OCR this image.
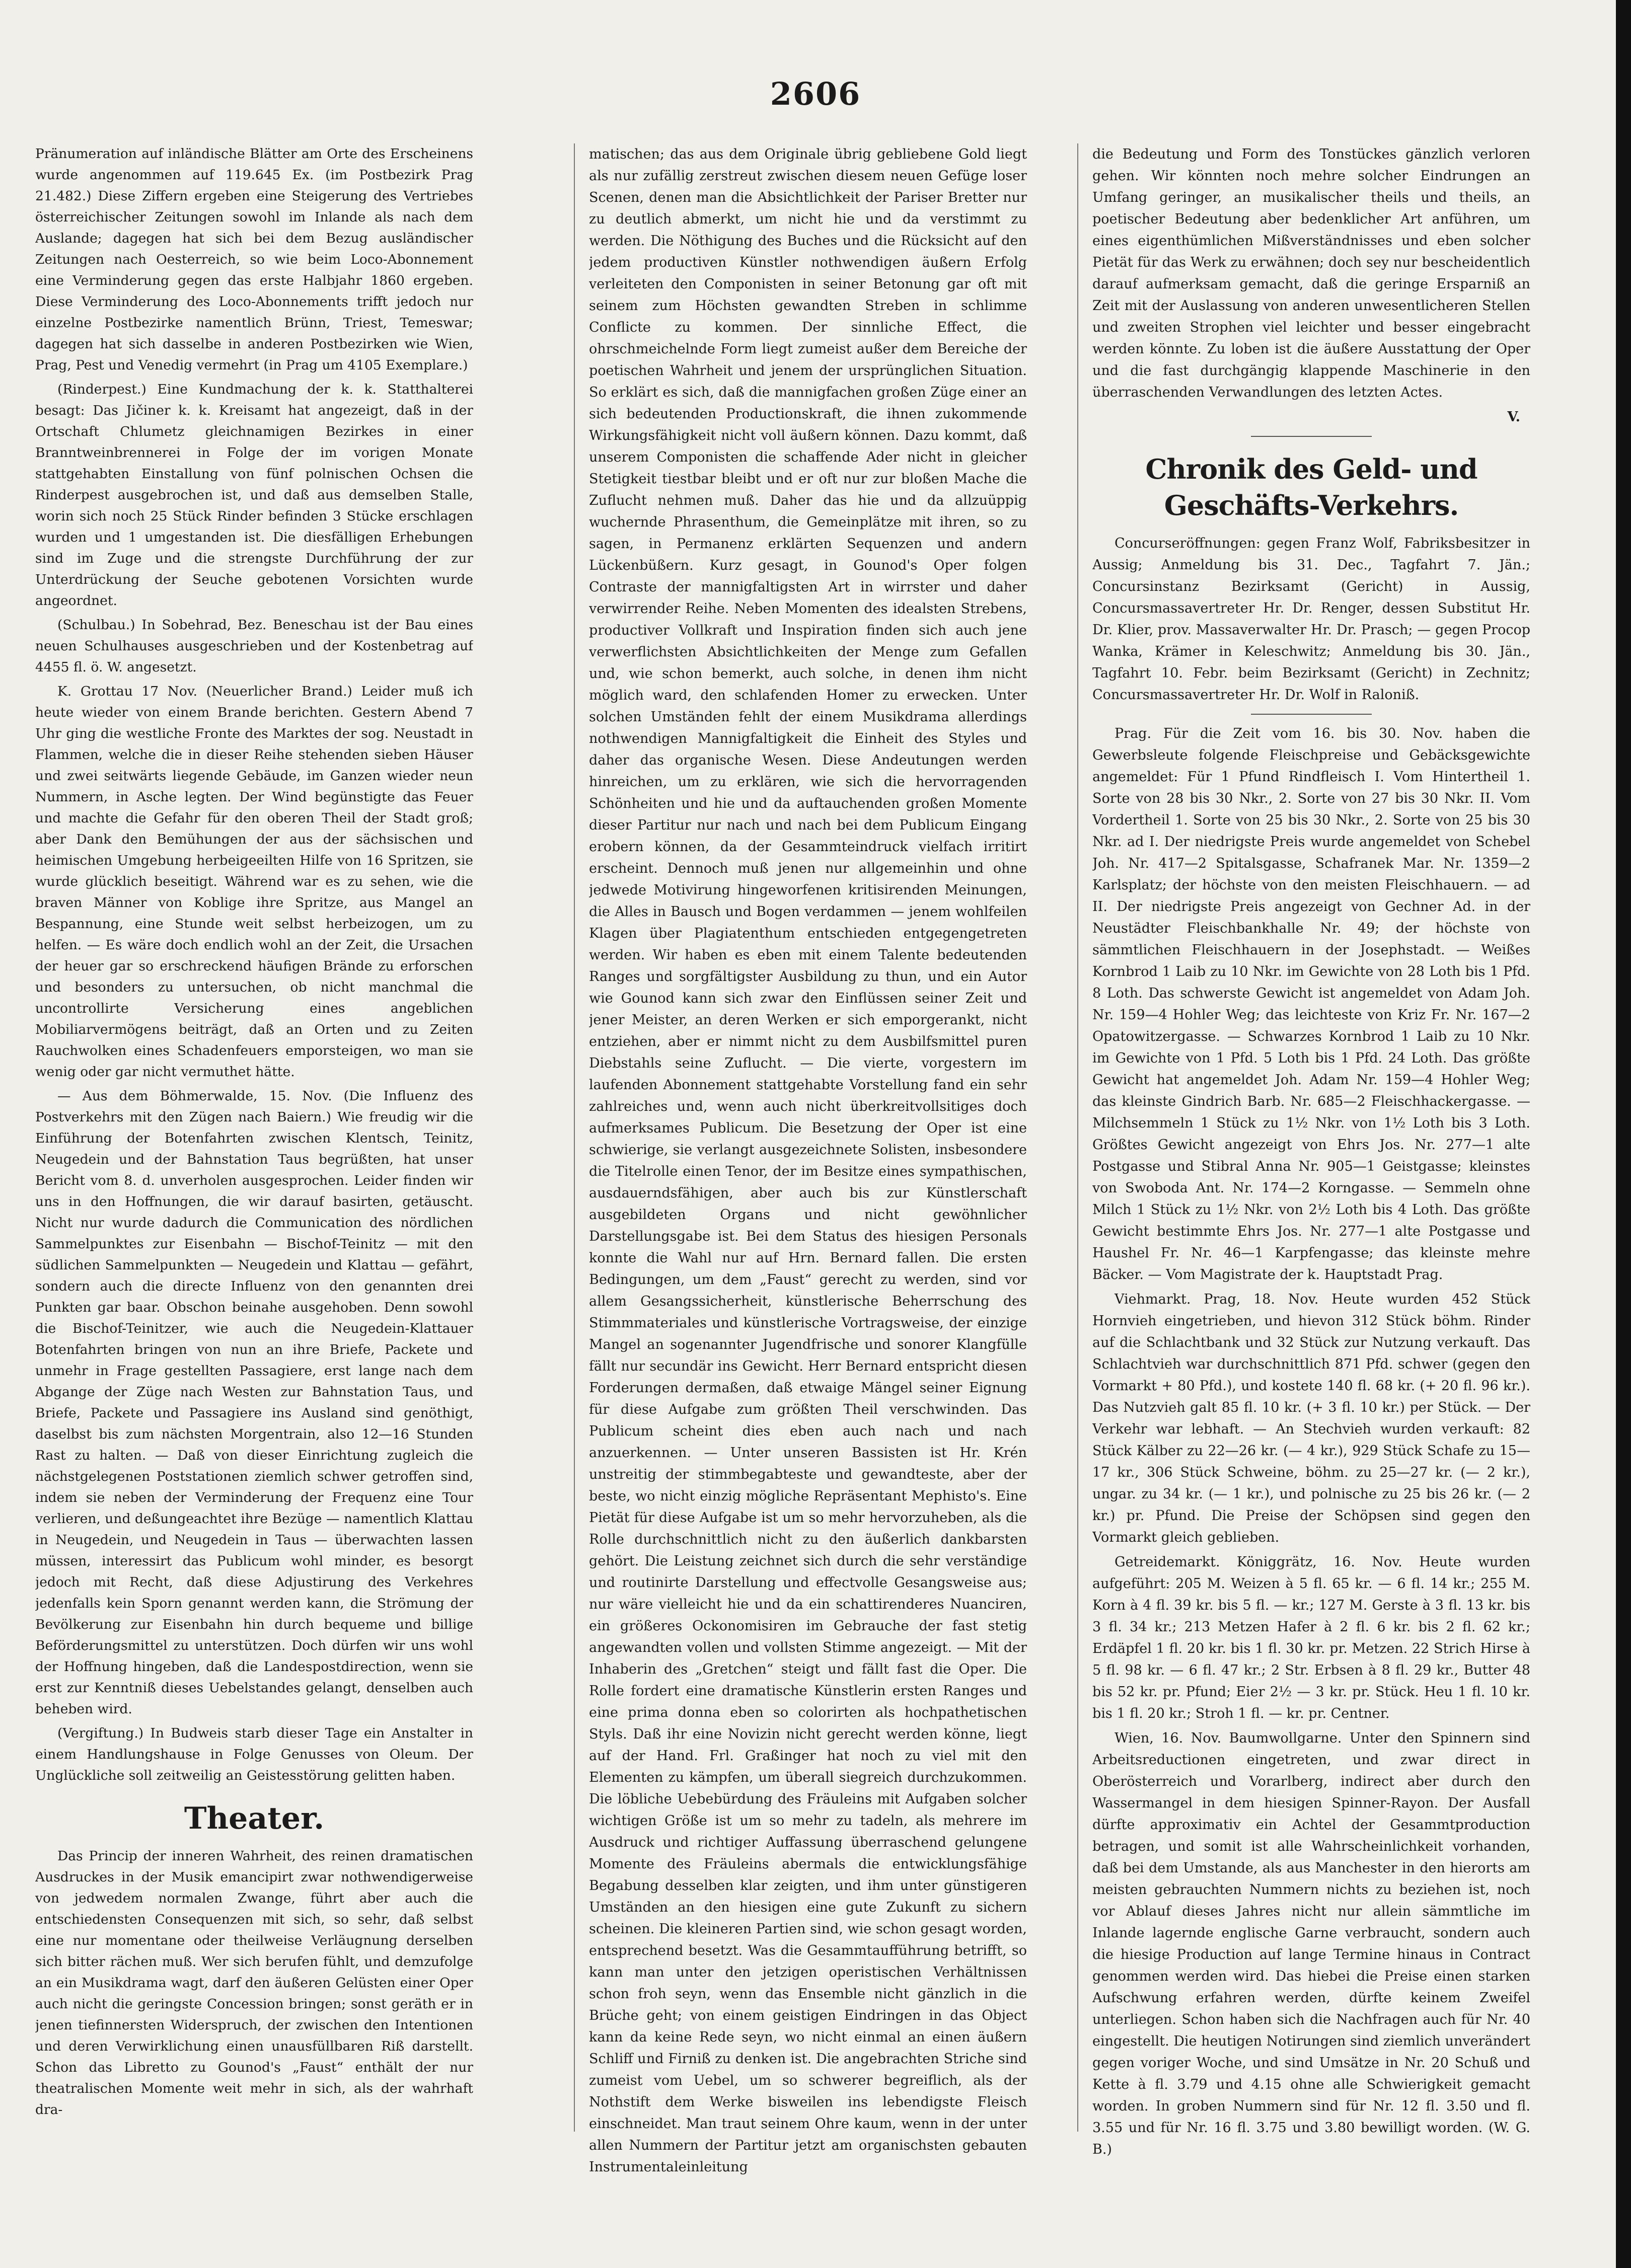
2606

Pränumeration auf inländische Blätter am Orte des Erscheinens wurde angenommen auf 119.645 Ex. (im Postbezirk Prag 21.482.) Diese Ziffern ergeben eine Steigerung des Vertriebes österreichischer Zeitungen sowohl im Inlande als nach dem Auslande; dagegen hat sich bei dem Bezug ausländischer Zeitungen nach Oesterreich, so wie beim Loco-Abonnement eine Verminderung gegen das erste Halbjahr 1860 ergeben. Diese Verminderung des Loco-Abonnements trifft jedoch nur einzelne Postbezirke namentlich Brünn, Triest, Temeswar; dagegen hat sich dasselbe in anderen Postbezirken wie Wien, Prag, Pest und Venedig vermehrt (in Prag um 4105 Exemplare.)

(Rinderpest.) Eine Kundmachung der k. k. Statthalterei besagt: Das Jičiner k. k. Kreisamt hat angezeigt, daß in der Ortschaft Chlumetz gleichnamigen Bezirkes in einer Branntweinbrennerei in Folge der im vorigen Monate stattgehabten Einstallung von fünf polnischen Ochsen die Rinderpest ausgebrochen ist, und daß aus demselben Stalle, worin sich noch 25 Stück Rinder befinden 3 Stücke erschlagen wurden und 1 umgestanden ist. Die diesfälligen Erhebungen sind im Zuge und die strengste Durchführung der zur Unterdrückung der Seuche gebotenen Vorsichten wurde angeordnet.

(Schulbau.) In Sobehrad, Bez. Beneschau ist der Bau eines neuen Schulhauses ausgeschrieben und der Kostenbetrag auf 4455 fl. ö. W. angesetzt.

K. Grottau 17 Nov. (Neuerlicher Brand.) Leider muß ich heute wieder von einem Brande berichten. Gestern Abend 7 Uhr ging die westliche Fronte des Marktes der sog. Neustadt in Flammen, welche die in dieser Reihe stehenden sieben Häuser und zwei seitwärts liegende Gebäude, im Ganzen wieder neun Nummern, in Asche legten. Der Wind begünstigte das Feuer und machte die Gefahr für den oberen Theil der Stadt groß; aber Dank den Bemühungen der aus der sächsischen und heimischen Umgebung herbeigeeilten Hilfe von 16 Spritzen, sie wurde glücklich beseitigt. Während war es zu sehen, wie die braven Männer von Koblige ihre Spritze, aus Mangel an Bespannung, eine Stunde weit selbst herbeizogen, um zu helfen. — Es wäre doch endlich wohl an der Zeit, die Ursachen der heuer gar so erschreckend häufigen Brände zu erforschen und besonders zu untersuchen, ob nicht manchmal die uncontrollirte Versicherung eines angeblichen Mobiliarvermögens beiträgt, daß an Orten und zu Zeiten Rauchwolken eines Schadenfeuers emporsteigen, wo man sie wenig oder gar nicht vermuthet hätte.

— Aus dem Böhmerwalde, 15. Nov. (Die Influenz des Postverkehrs mit den Zügen nach Baiern.) Wie freudig wir die Einführung der Botenfahrten zwischen Klentsch, Teinitz, Neugedein und der Bahnstation Taus begrüßten, hat unser Bericht vom 8. d. unverholen ausgesprochen. Leider finden wir uns in den Hoffnungen, die wir darauf basirten, getäuscht. Nicht nur wurde dadurch die Communication des nördlichen Sammelpunktes zur Eisenbahn — Bischof-Teinitz — mit den südlichen Sammelpunkten — Neugedein und Klattau — gefährt, sondern auch die directe Influenz von den genannten drei Punkten gar baar. Obschon beinahe ausgehoben. Denn sowohl die Bischof-Teinitzer, wie auch die Neugedein-Klattauer Botenfahrten bringen von nun an ihre Briefe, Packete und unmehr in Frage gestellten Passagiere, erst lange nach dem Abgange der Züge nach Westen zur Bahnstation Taus, und Briefe, Packete und Passagiere ins Ausland sind genöthigt, daselbst bis zum nächsten Morgentrain, also 12—16 Stunden Rast zu halten. — Daß von dieser Einrichtung zugleich die nächstgelegenen Poststationen ziemlich schwer getroffen sind, indem sie neben der Verminderung der Frequenz eine Tour verlieren, und deßungeachtet ihre Bezüge — namentlich Klattau in Neugedein, und Neugedein in Taus — überwachten lassen müssen, interessirt das Publicum wohl minder, es besorgt jedoch mit Recht, daß diese Adjustirung des Verkehres jedenfalls kein Sporn genannt werden kann, die Strömung der Bevölkerung zur Eisenbahn hin durch bequeme und billige Beförderungsmittel zu unterstützen. Doch dürfen wir uns wohl der Hoffnung hingeben, daß die Landespostdirection, wenn sie erst zur Kenntniß dieses Uebelstandes gelangt, denselben auch beheben wird.

(Vergiftung.) In Budweis starb dieser Tage ein Anstalter in einem Handlungshause in Folge Genusses von Oleum. Der Unglückliche soll zeitweilig an Geistesstörung gelitten haben.

Theater.

Das Princip der inneren Wahrheit, des reinen dramatischen Ausdruckes in der Musik emancipirt zwar nothwendigerweise von jedwedem normalen Zwange, führt aber auch die entschiedensten Consequenzen mit sich, so sehr, daß selbst eine nur momentane oder theilweise Verläugnung derselben sich bitter rächen muß. Wer sich berufen fühlt, und demzufolge an ein Musikdrama wagt, darf den äußeren Gelüsten einer Oper auch nicht die geringste Concession bringen; sonst geräth er in jenen tiefinnersten Widerspruch, der zwischen den Intentionen und deren Verwirklichung einen unausfüllbaren Riß darstellt. Schon das Libretto zu Gounod's „Faust“ enthält der nur theatralischen Momente weit mehr in sich, als der wahrhaft dra-

matischen; das aus dem Originale übrig gebliebene Gold liegt als nur zufällig zerstreut zwischen diesem neuen Gefüge loser Scenen, denen man die Absichtlichkeit der Pariser Bretter nur zu deutlich abmerkt, um nicht hie und da verstimmt zu werden. Die Nöthigung des Buches und die Rücksicht auf den jedem productiven Künstler nothwendigen äußern Erfolg verleiteten den Componisten in seiner Betonung gar oft mit seinem zum Höchsten gewandten Streben in schlimme Conflicte zu kommen. Der sinnliche Effect, die ohrschmeichelnde Form liegt zumeist außer dem Bereiche der poetischen Wahrheit und jenem der ursprünglichen Situation. So erklärt es sich, daß die mannigfachen großen Züge einer an sich bedeutenden Productionskraft, die ihnen zukommende Wirkungsfähigkeit nicht voll äußern können. Dazu kommt, daß unserem Componisten die schaffende Ader nicht in gleicher Stetigkeit tiestbar bleibt und er oft nur zur bloßen Mache die Zuflucht nehmen muß. Daher das hie und da allzuüppig wuchernde Phrasenthum, die Gemeinplätze mit ihren, so zu sagen, in Permanenz erklärten Sequenzen und andern Lückenbüßern. Kurz gesagt, in Gounod's Oper folgen Contraste der mannigfaltigsten Art in wirrster und daher verwirrender Reihe. Neben Momenten des idealsten Strebens, productiver Vollkraft und Inspiration finden sich auch jene verwerflichsten Absichtlichkeiten der Menge zum Gefallen und, wie schon bemerkt, auch solche, in denen ihm nicht möglich ward, den schlafenden Homer zu erwecken. Unter solchen Umständen fehlt der einem Musikdrama allerdings nothwendigen Mannigfaltigkeit die Einheit des Styles und daher das organische Wesen. Diese Andeutungen werden hinreichen, um zu erklären, wie sich die hervorragenden Schönheiten und hie und da auftauchenden großen Momente dieser Partitur nur nach und nach bei dem Publicum Eingang erobern können, da der Gesammteindruck vielfach irritirt erscheint. Dennoch muß jenen nur allgemeinhin und ohne jedwede Motivirung hingeworfenen kritisirenden Meinungen, die Alles in Bausch und Bogen verdammen — jenem wohlfeilen Klagen über Plagiatenthum entschieden entgegengetreten werden. Wir haben es eben mit einem Talente bedeutenden Ranges und sorgfältigster Ausbildung zu thun, und ein Autor wie Gounod kann sich zwar den Einflüssen seiner Zeit und jener Meister, an deren Werken er sich emporgerankt, nicht entziehen, aber er nimmt nicht zu dem Ausbilfsmittel puren Diebstahls seine Zuflucht. — Die vierte, vorgestern im laufenden Abonnement stattgehabte Vorstellung fand ein sehr zahlreiches und, wenn auch nicht überkreitvollsitiges doch aufmerksames Publicum. Die Besetzung der Oper ist eine schwierige, sie verlangt ausgezeichnete Solisten, insbesondere die Titelrolle einen Tenor, der im Besitze eines sympathischen, ausdauerndsfähigen, aber auch bis zur Künstlerschaft ausgebildeten Organs und nicht gewöhnlicher Darstellungsgabe ist. Bei dem Status des hiesigen Personals konnte die Wahl nur auf Hrn. Bernard fallen. Die ersten Bedingungen, um dem „Faust“ gerecht zu werden, sind vor allem Gesangssicherheit, künstlerische Beherrschung des Stimmmateriales und künstlerische Vortragsweise, der einzige Mangel an sogenannter Jugendfrische und sonorer Klangfülle fällt nur secundär ins Gewicht. Herr Bernard entspricht diesen Forderungen dermaßen, daß etwaige Mängel seiner Eignung für diese Aufgabe zum größten Theil verschwinden. Das Publicum scheint dies eben auch nach und nach anzuerkennen. — Unter unseren Bassisten ist Hr. Krén unstreitig der stimmbegabteste und gewandteste, aber der beste, wo nicht einzig mögliche Repräsentant Mephisto's. Eine Pietät für diese Aufgabe ist um so mehr hervorzuheben, als die Rolle durchschnittlich nicht zu den äußerlich dankbarsten gehört. Die Leistung zeichnet sich durch die sehr verständige und routinirte Darstellung und effectvolle Gesangsweise aus; nur wäre vielleicht hie und da ein schattirenderes Nuanciren, ein größeres Ockonomisiren im Gebrauche der fast stetig angewandten vollen und vollsten Stimme angezeigt. — Mit der Inhaberin des „Gretchen“ steigt und fällt fast die Oper. Die Rolle fordert eine dramatische Künstlerin ersten Ranges und eine prima donna eben so colorirten als hochpathetischen Styls. Daß ihr eine Novizin nicht gerecht werden könne, liegt auf der Hand. Frl. Graßinger hat noch zu viel mit den Elementen zu kämpfen, um überall siegreich durchzukommen. Die löbliche Uebebürdung des Fräuleins mit Aufgaben solcher wichtigen Größe ist um so mehr zu tadeln, als mehrere im Ausdruck und richtiger Auffassung überraschend gelungene Momente des Fräuleins abermals die entwicklungsfähige Begabung desselben klar zeigten, und ihm unter günstigeren Umständen an den hiesigen eine gute Zukunft zu sichern scheinen. Die kleineren Partien sind, wie schon gesagt worden, entsprechend besetzt. Was die Gesammtaufführung betrifft, so kann man unter den jetzigen operistischen Verhältnissen schon froh seyn, wenn das Ensemble nicht gänzlich in die Brüche geht; von einem geistigen Eindringen in das Object kann da keine Rede seyn, wo nicht einmal an einen äußern Schliff und Firniß zu denken ist. Die angebrachten Striche sind zumeist vom Uebel, um so schwerer begreiflich, als der Nothstift dem Werke bisweilen ins lebendigste Fleisch einschneidet. Man traut seinem Ohre kaum, wenn in der unter allen Nummern der Partitur jetzt am organischsten gebauten Instrumentaleinleitung

die Bedeutung und Form des Tonstückes gänzlich verloren gehen. Wir könnten noch mehre solcher Eindrungen an Umfang geringer, an musikalischer theils und theils, an poetischer Bedeutung aber bedenklicher Art anführen, um eines eigenthümlichen Mißverständnisses und eben solcher Pietät für das Werk zu erwähnen; doch sey nur bescheidentlich darauf aufmerksam gemacht, daß die geringe Ersparniß an Zeit mit der Auslassung von anderen unwesentlicheren Stellen und zweiten Strophen viel leichter und besser eingebracht werden könnte. Zu loben ist die äußere Ausstattung der Oper und die fast durchgängig klappende Maschinerie in den überraschenden Verwandlungen des letzten Actes.

V.
Chronik des Geld- und Geschäfts-Verkehrs.

Concurseröffnungen: gegen Franz Wolf, Fabriksbesitzer in Aussig; Anmeldung bis 31. Dec., Tagfahrt 7. Jän.; Concursinstanz Bezirksamt (Gericht) in Aussig, Concursmassavertreter Hr. Dr. Renger, dessen Substitut Hr. Dr. Klier, prov. Massaverwalter Hr. Dr. Prasch; — gegen Procop Wanka, Krämer in Keleschwitz; Anmeldung bis 30. Jän., Tagfahrt 10. Febr. beim Bezirksamt (Gericht) in Zechnitz; Concursmassavertreter Hr. Dr. Wolf in Raloniß.

Prag. Für die Zeit vom 16. bis 30. Nov. haben die Gewerbsleute folgende Fleischpreise und Gebäcksgewichte angemeldet: Für 1 Pfund Rindfleisch I. Vom Hintertheil 1. Sorte von 28 bis 30 Nkr., 2. Sorte von 27 bis 30 Nkr. II. Vom Vordertheil 1. Sorte von 25 bis 30 Nkr., 2. Sorte von 25 bis 30 Nkr. ad I. Der niedrigste Preis wurde angemeldet von Schebel Joh. Nr. 417—2 Spitalsgasse, Schafranek Mar. Nr. 1359—2 Karlsplatz; der höchste von den meisten Fleischhauern. — ad II. Der niedrigste Preis angezeigt von Gechner Ad. in der Neustädter Fleischbankhalle Nr. 49; der höchste von sämmtlichen Fleischhauern in der Josephstadt. — Weißes Kornbrod 1 Laib zu 10 Nkr. im Gewichte von 28 Loth bis 1 Pfd. 8 Loth. Das schwerste Gewicht ist angemeldet von Adam Joh. Nr. 159—4 Hohler Weg; das leichteste von Kriz Fr. Nr. 167—2 Opatowitzergasse. — Schwarzes Kornbrod 1 Laib zu 10 Nkr. im Gewichte von 1 Pfd. 5 Loth bis 1 Pfd. 24 Loth. Das größte Gewicht hat angemeldet Joh. Adam Nr. 159—4 Hohler Weg; das kleinste Gindrich Barb. Nr. 685—2 Fleischhackergasse. — Milchsemmeln 1 Stück zu 1½ Nkr. von 1½ Loth bis 3 Loth. Größtes Gewicht angezeigt von Ehrs Jos. Nr. 277—1 alte Postgasse und Stibral Anna Nr. 905—1 Geistgasse; kleinstes von Swoboda Ant. Nr. 174—2 Korngasse. — Semmeln ohne Milch 1 Stück zu 1½ Nkr. von 2½ Loth bis 4 Loth. Das größte Gewicht bestimmte Ehrs Jos. Nr. 277—1 alte Postgasse und Haushel Fr. Nr. 46—1 Karpfengasse; das kleinste mehre Bäcker. — Vom Magistrate der k. Hauptstadt Prag.

Viehmarkt. Prag, 18. Nov. Heute wurden 452 Stück Hornvieh eingetrieben, und hievon 312 Stück böhm. Rinder auf die Schlachtbank und 32 Stück zur Nutzung verkauft. Das Schlachtvieh war durchschnittlich 871 Pfd. schwer (gegen den Vormarkt + 80 Pfd.), und kostete 140 fl. 68 kr. (+ 20 fl. 96 kr.). Das Nutzvieh galt 85 fl. 10 kr. (+ 3 fl. 10 kr.) per Stück. — Der Verkehr war lebhaft. — An Stechvieh wurden verkauft: 82 Stück Kälber zu 22—26 kr. (— 4 kr.), 929 Stück Schafe zu 15—17 kr., 306 Stück Schweine, böhm. zu 25—27 kr. (— 2 kr.), ungar. zu 34 kr. (— 1 kr.), und polnische zu 25 bis 26 kr. (— 2 kr.) pr. Pfund. Die Preise der Schöpsen sind gegen den Vormarkt gleich geblieben.

Getreidemarkt. Königgrätz, 16. Nov. Heute wurden aufgeführt: 205 M. Weizen à 5 fl. 65 kr. — 6 fl. 14 kr.; 255 M. Korn à 4 fl. 39 kr. bis 5 fl. — kr.; 127 M. Gerste à 3 fl. 13 kr. bis 3 fl. 34 kr.; 213 Metzen Hafer à 2 fl. 6 kr. bis 2 fl. 62 kr.; Erdäpfel 1 fl. 20 kr. bis 1 fl. 30 kr. pr. Metzen. 22 Strich Hirse à 5 fl. 98 kr. — 6 fl. 47 kr.; 2 Str. Erbsen à 8 fl. 29 kr., Butter 48 bis 52 kr. pr. Pfund; Eier 2½ — 3 kr. pr. Stück. Heu 1 fl. 10 kr. bis 1 fl. 20 kr.; Stroh 1 fl. — kr. pr. Centner.

Wien, 16. Nov. Baumwollgarne. Unter den Spinnern sind Arbeitsreductionen eingetreten, und zwar direct in Oberösterreich und Vorarlberg, indirect aber durch den Wassermangel in dem hiesigen Spinner-Rayon. Der Ausfall dürfte approximativ ein Achtel der Gesammtproduction betragen, und somit ist alle Wahrscheinlichkeit vorhanden, daß bei dem Umstande, als aus Manchester in den hierorts am meisten gebrauchten Nummern nichts zu beziehen ist, noch vor Ablauf dieses Jahres nicht nur allein sämmtliche im Inlande lagernde englische Garne verbraucht, sondern auch die hiesige Production auf lange Termine hinaus in Contract genommen werden wird. Das hiebei die Preise einen starken Aufschwung erfahren werden, dürfte keinem Zweifel unterliegen. Schon haben sich die Nachfragen auch für Nr. 40 eingestellt. Die heutigen Notirungen sind ziemlich unverändert gegen voriger Woche, und sind Umsätze in Nr. 20 Schuß und Kette à fl. 3.79 und 4.15 ohne alle Schwierigkeit gemacht worden. In groben Nummern sind für Nr. 12 fl. 3.50 und fl. 3.55 und für Nr. 16 fl. 3.75 und 3.80 bewilligt worden. (W. G. B.)
